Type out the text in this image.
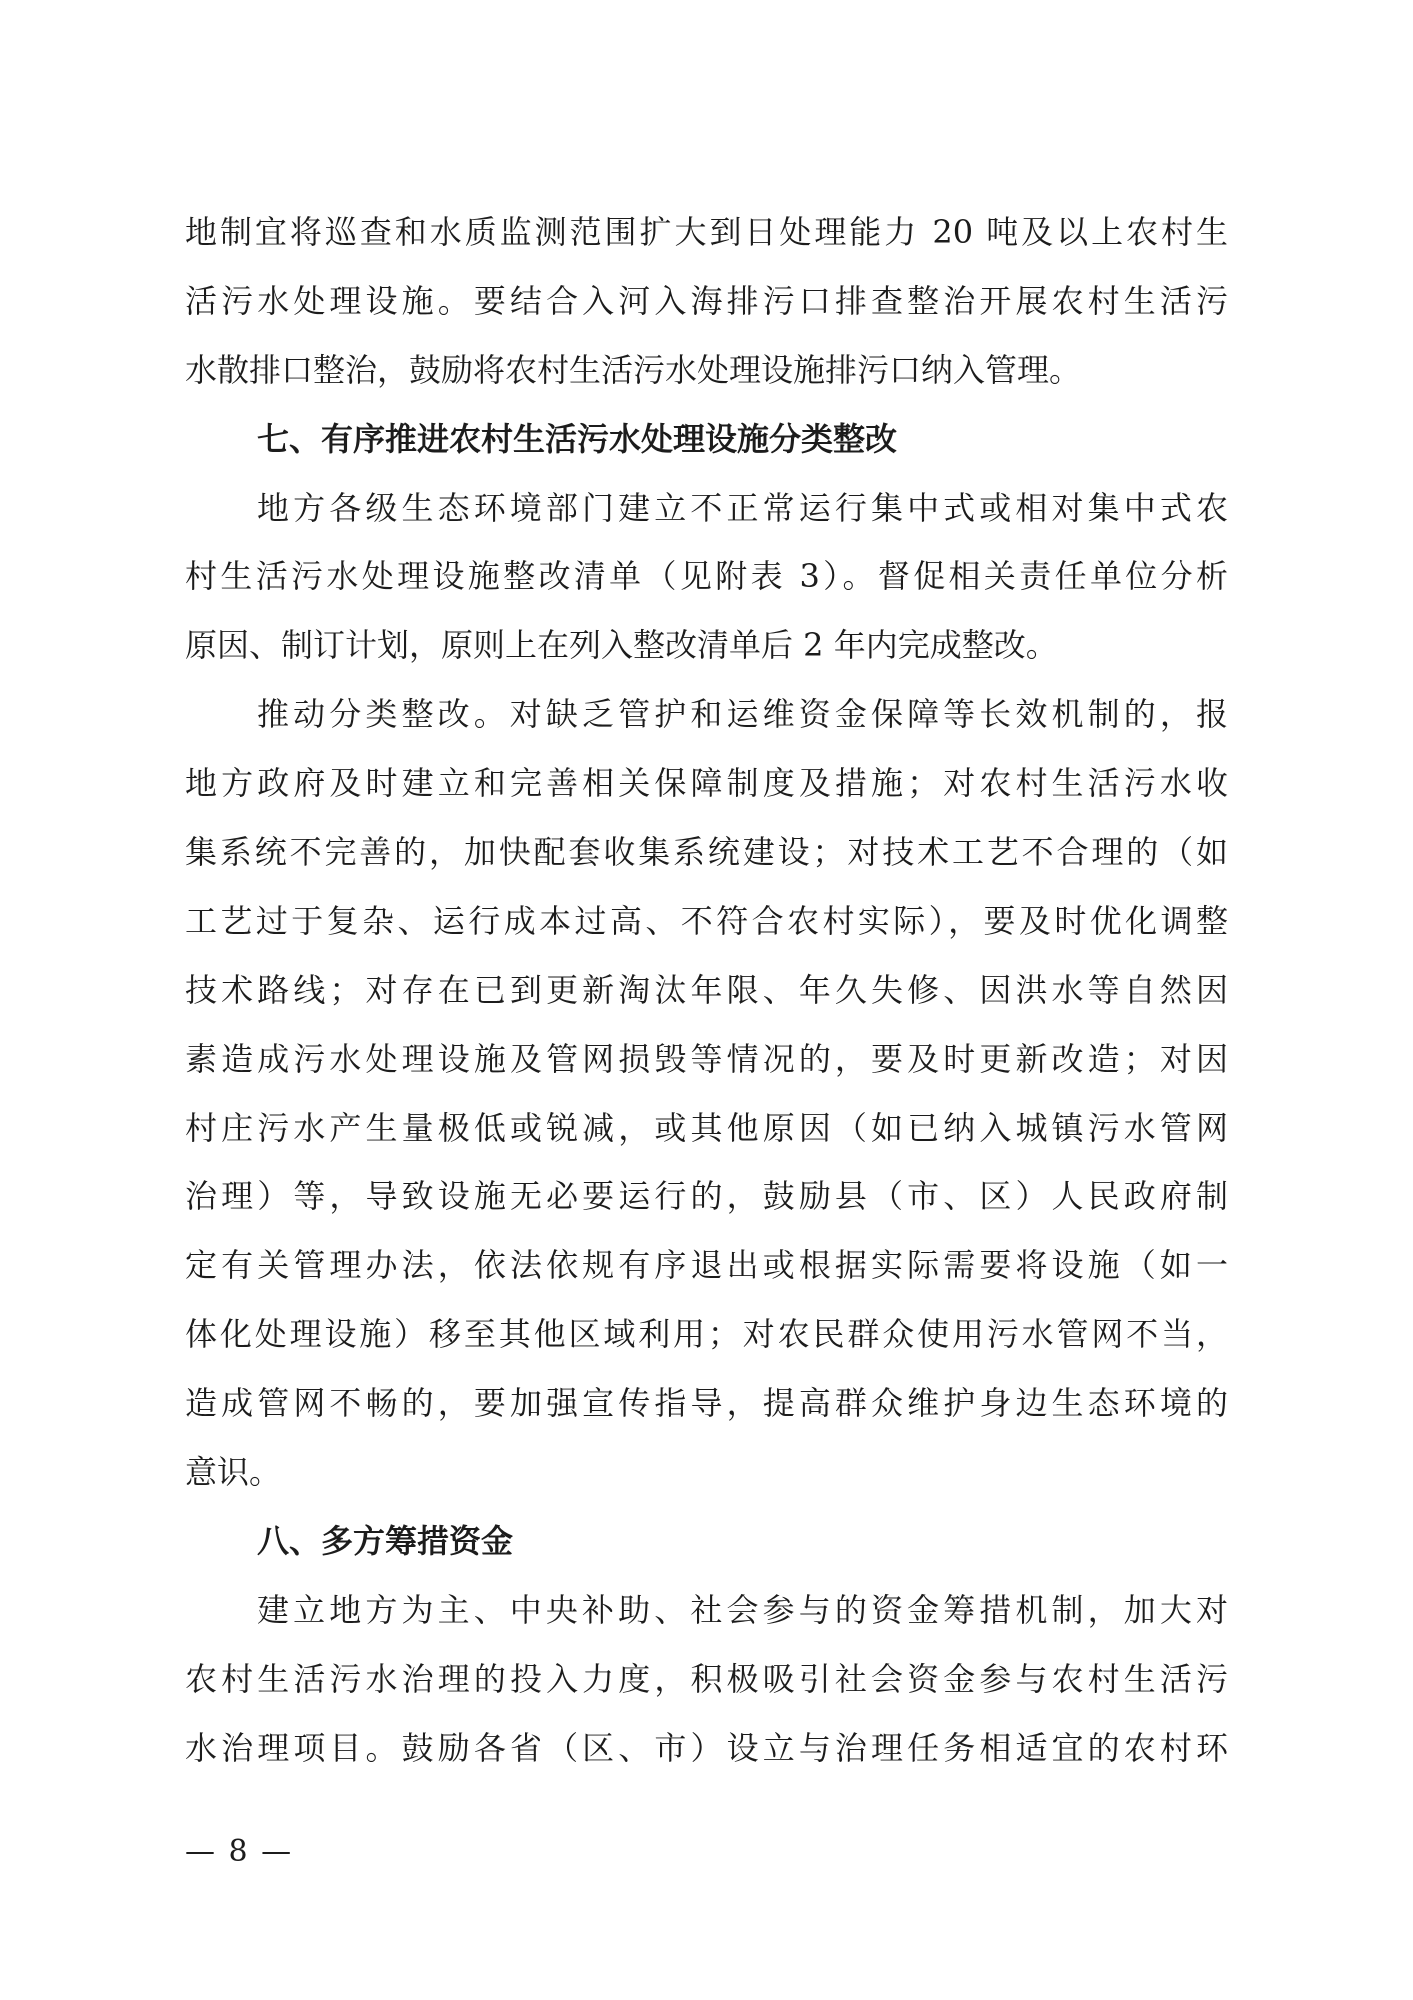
地制宜将巡查和水质监测范围扩大到日处理能力 20 吨及以上农村生
活污水处理设施。要结合入河入海排污口排查整治开展农村生活污
水散排口整治，鼓励将农村生活污水处理设施排污口纳入管理。
七、有序推进农村生活污水处理设施分类整改
地方各级生态环境部门建立不正常运行集中式或相对集中式农
村生活污水处理设施整改清单（见附表 3）。督促相关责任单位分析
原因、制订计划，原则上在列入整改清单后 2 年内完成整改。
推动分类整改。对缺乏管护和运维资金保障等长效机制的，报
地方政府及时建立和完善相关保障制度及措施；对农村生活污水收
集系统不完善的，加快配套收集系统建设；对技术工艺不合理的（如
工艺过于复杂、运行成本过高、不符合农村实际），要及时优化调整
技术路线；对存在已到更新淘汰年限、年久失修、因洪水等自然因
素造成污水处理设施及管网损毁等情况的，要及时更新改造；对因
村庄污水产生量极低或锐减，或其他原因（如已纳入城镇污水管网
治理）等，导致设施无必要运行的，鼓励县（市、区）人民政府制
定有关管理办法，依法依规有序退出或根据实际需要将设施（如一
体化处理设施）移至其他区域利用；对农民群众使用污水管网不当，
造成管网不畅的，要加强宣传指导，提高群众维护身边生态环境的
意识。
八、多方筹措资金
建立地方为主、中央补助、社会参与的资金筹措机制，加大对
农村生活污水治理的投入力度，积极吸引社会资金参与农村生活污
水治理项目。鼓励各省（区、市）设立与治理任务相适宜的农村环
— 8 —
